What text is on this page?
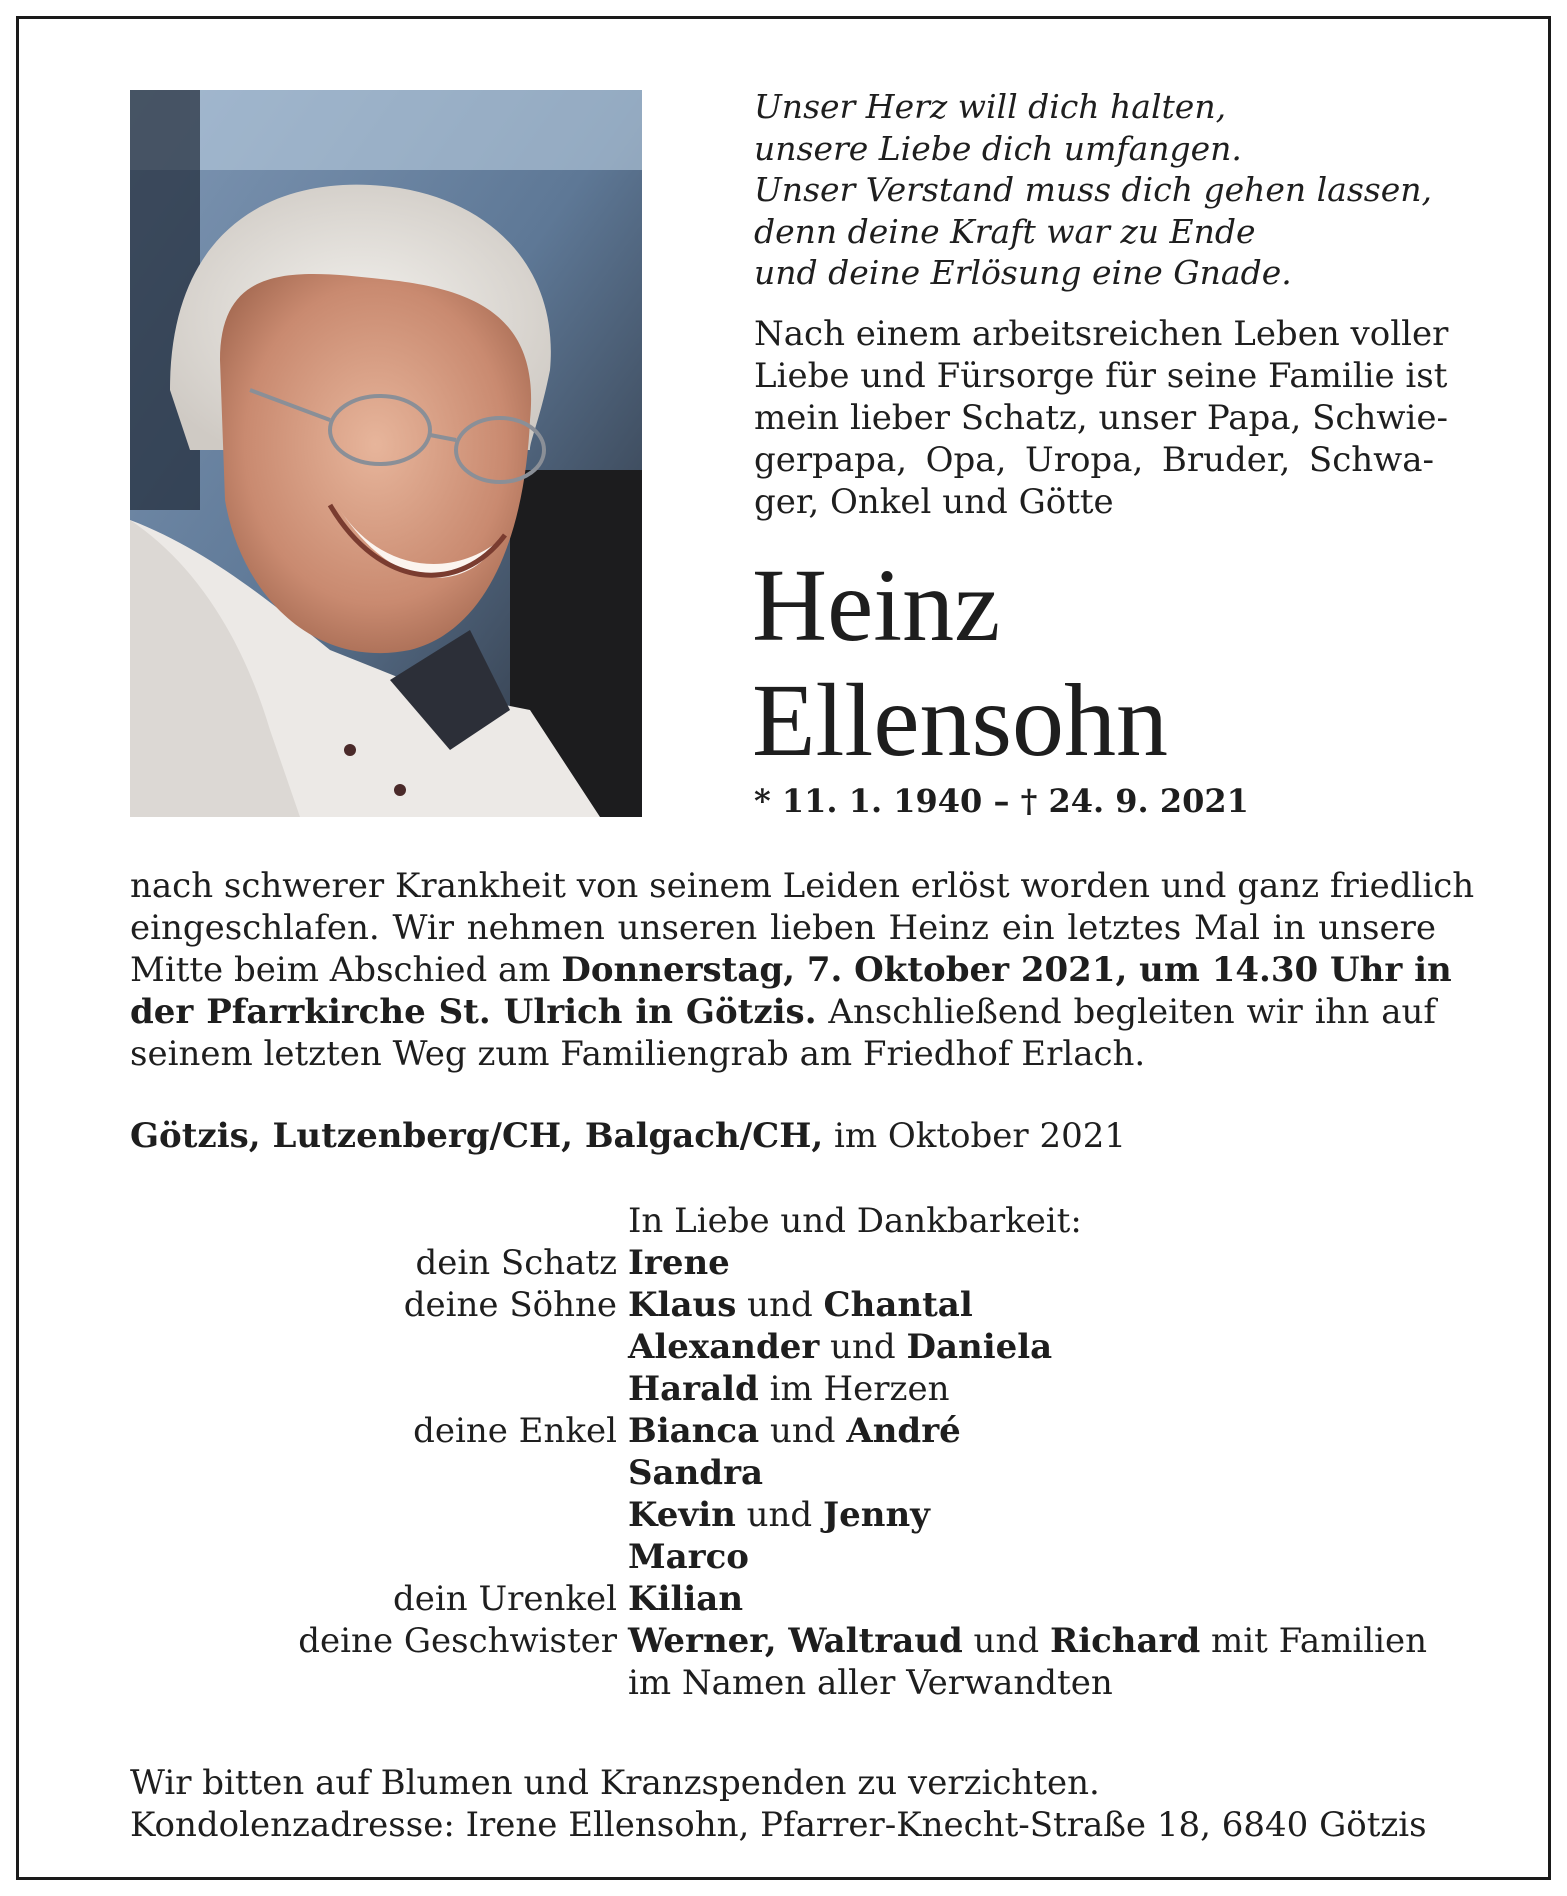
Unser Herz will dich halten,
unsere Liebe dich umfangen.
Unser Verstand muss dich gehen lassen,
denn deine Kraft war zu Ende
und deine Erlösung eine Gnade.
Nach einem arbeitsreichen Leben voller
Liebe und Fürsorge für seine Familie ist
mein lieber Schatz, unser Papa, Schwie-
gerpapa, Opa, Uropa, Bruder, Schwa-
ger, Onkel und Götte
Heinz
Ellensohn
* 11. 1. 1940 – † 24. 9. 2021
nach schwerer Krankheit von seinem Leiden erlöst worden und ganz friedlich
eingeschlafen. Wir nehmen unseren lieben Heinz ein letztes Mal in unsere
Mitte beim Abschied am Donnerstag, 7. Oktober 2021, um 14.30 Uhr in
der Pfarrkirche St. Ulrich in Götzis. Anschließend begleiten wir ihn auf
seinem letzten Weg zum Familiengrab am Friedhof Erlach.
Götzis, Lutzenberg/CH, Balgach/CH, im Oktober 2021
In Liebe und Dankbarkeit:
dein Schatz Irene
deine Söhne Klaus und Chantal
Alexander und Daniela
Harald im Herzen
deine Enkel Bianca und André
Sandra
Kevin und Jenny
Marco
dein Urenkel Kilian
deine Geschwister Werner, Waltraud und Richard mit Familien
im Namen aller Verwandten
Wir bitten auf Blumen und Kranzspenden zu verzichten.
Kondolenzadresse: Irene Ellensohn, Pfarrer-Knecht-Straße 18, 6840 Götzis
